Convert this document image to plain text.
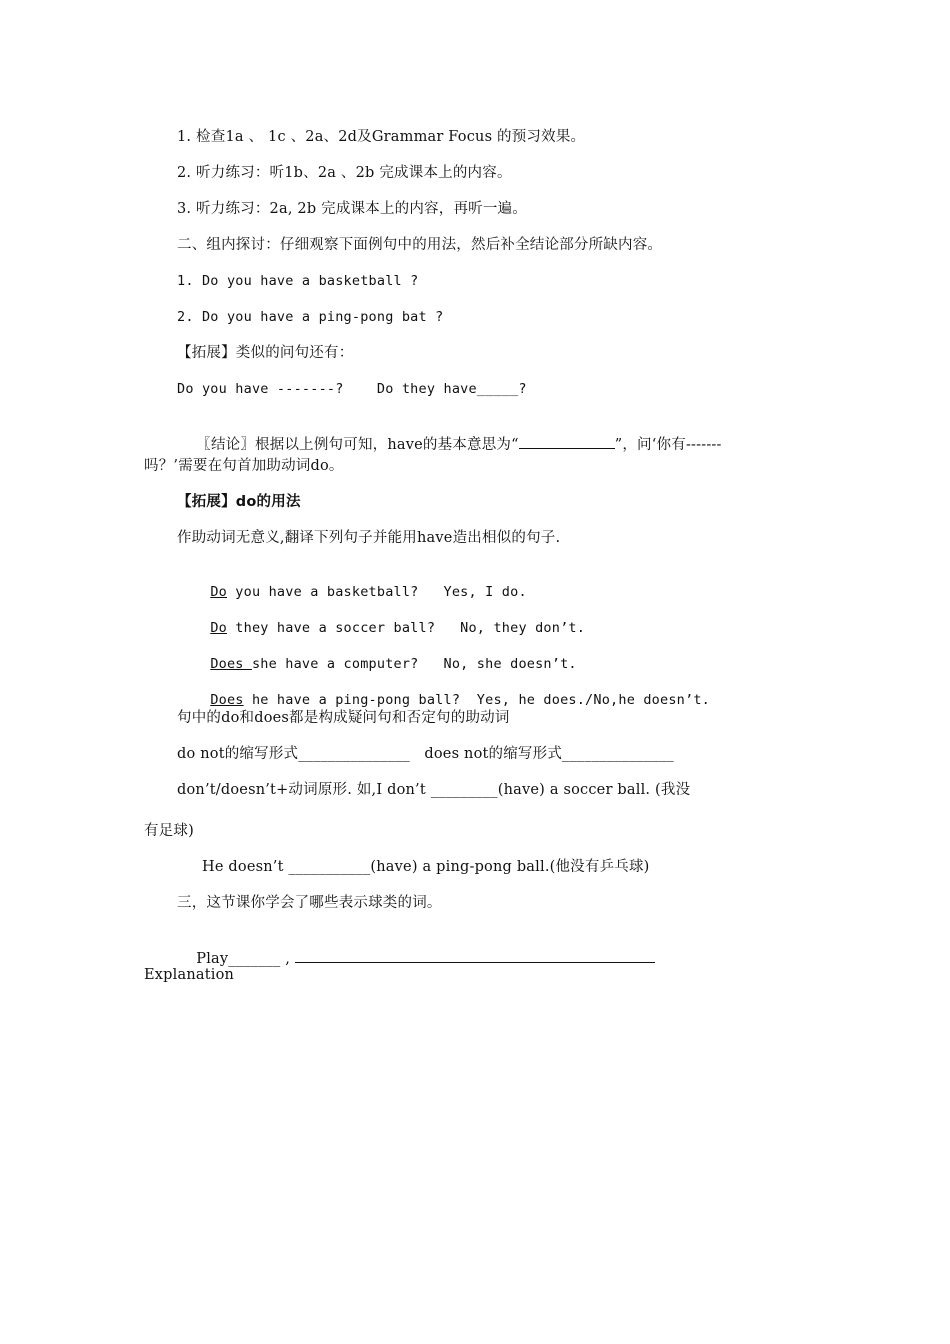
1. 检查1a 、 1c 、2a、2d及Grammar Focus 的预习效果。
2. 听力练习：听1b、2a 、2b 完成课本上的内容。
3. 听力练习：2a, 2b 完成课本上的内容，再听一遍。
二、组内探讨：仔细观察下面例句中的用法，然后补全结论部分所缺内容。
1. Do you have a basketball ?
2. Do you have a ping-pong bat ?
【拓展】类似的问句还有：
Do you have -------?    Do they have_____?

〖结论〗根据以上例句可知，have的基本意思为“	”，问‘你有-------

吗？’需要在句首加助动词do。
【拓展】do的用法
作助动词无意义,翻译下列句子并能用have造出相似的句子.

Do you have a basketball?   Yes, I do.

Do they have a soccer ball?   No, they don’t.

Does she have a computer?   No, she doesn’t.

Does he have a ping-pong ball?  Yes, he does./No,he doesn’t.

句中的do和does都是构成疑问句和否定句的助动词
do not的缩写形式_______________   does not的缩写形式_______________
don’t/doesn’t+动词原形. 如,I don’t _________(have) a soccer ball. (我没
有足球)
He doesn’t ___________(have) a ping-pong ball.(他没有乒乓球)
三，这节课你学会了哪些表示球类的词。

Play_______ ,

Explanation
